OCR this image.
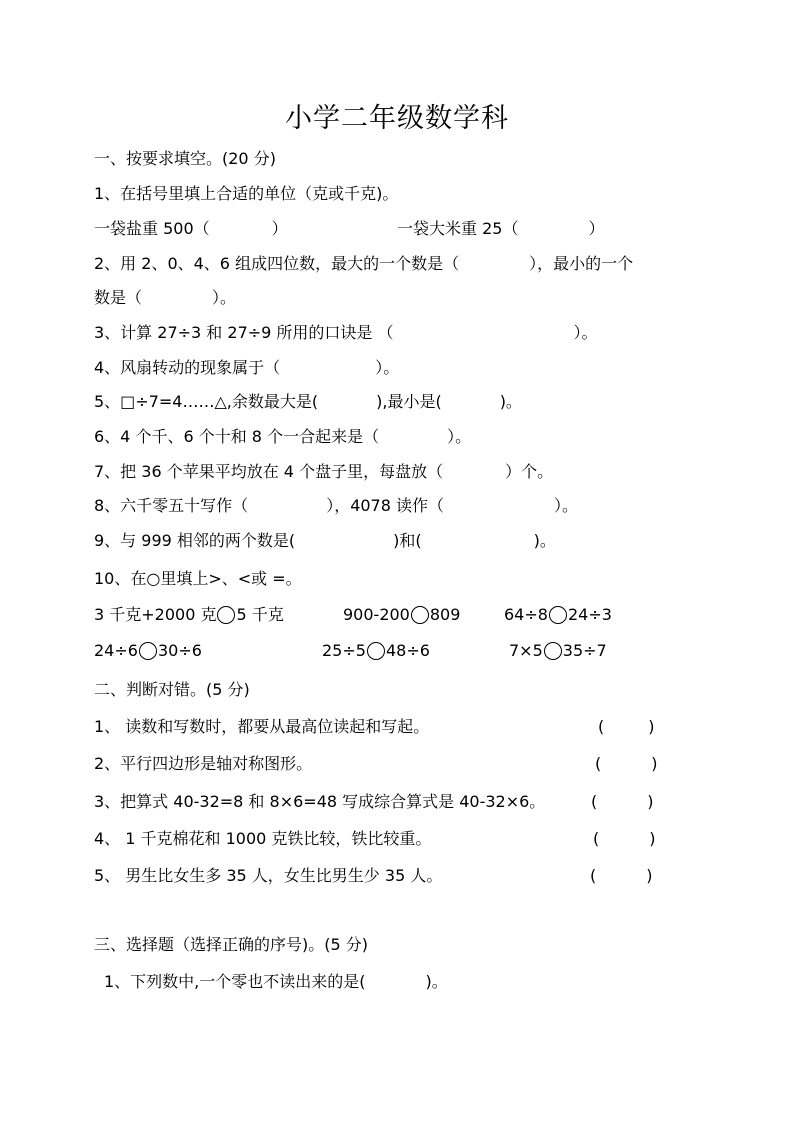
小学二年级数学科
一、按要求填空。(20 分)
1、在括号里填上合适的单位（克或千克)。
一袋盐重 500（	）	一袋大米重 25（	）
2、用 2、0、4、6 组成四位数，最大的一个数是（	），最小的一个
数是（	）。
3、计算 27÷3 和 27÷9 所用的口诀是 （	）。
4、风扇转动的现象属于（	）。
5、□÷7=4……△,余数最大是(	),最小是(	)。
6、4 个千、6 个十和 8 个一合起来是（	）。
7、把 36 个苹果平均放在 4 个盘子里，每盘放（	）个。
8、六千零五十写作（	），4078 读作（	）。
9、与 999 相邻的两个数是(	)和(	)。
10、在○里填上>、<或 =。
3 千克+2000 克 5 千克	900-200 809	64÷8 24÷3
24÷6 30÷6	25÷5 48÷6	7×5 35÷7
二、判断对错。(5 分)
1、 读数和写数时，都要从最高位读起和写起。	(	)
2、平行四边形是轴对称图形。	(	)
3、把算式 40-32=8 和 8×6=48 写成综合算式是 40-32×6。	(	)
4、 1 千克棉花和 1000 克铁比较，铁比较重。	(	)
5、 男生比女生多 35 人，女生比男生少 35 人。	(	)
三、选择题（选择正确的序号)。(5 分)
1、下列数中,一个零也不读出来的是(	)。
